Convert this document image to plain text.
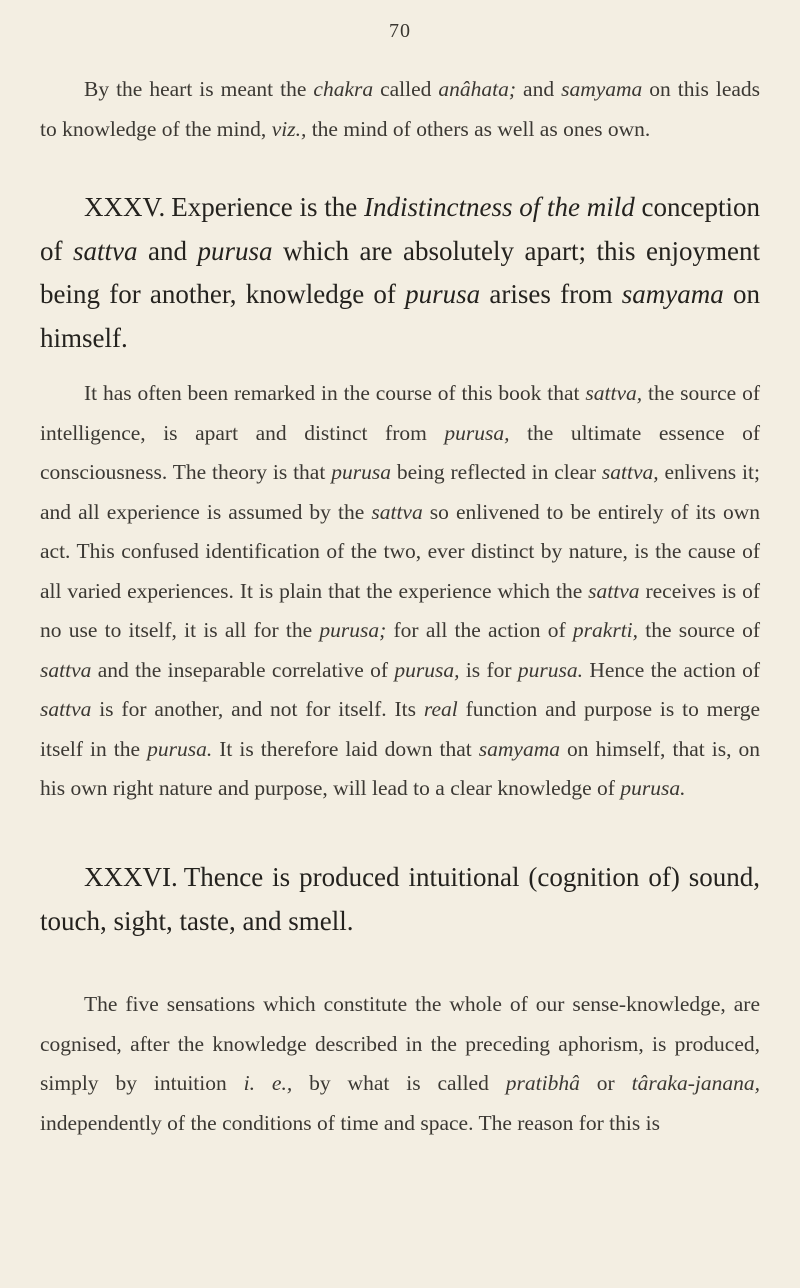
70

By the heart is meant the chakra called anâhata; and samyama on this leads to knowledge of the mind, viz., the mind of others as well as ones own.

XXXV. Experience is the Indistinctness of the mild conception of sattva and purusa which are absolutely apart; this enjoyment being for another, knowledge of purusa arises from samyama on himself.

It has often been remarked in the course of this book that sattva, the source of intelligence, is apart and distinct from purusa, the ultimate essence of consciousness. The theory is that purusa being reflected in clear sattva, enlivens it; and all experience is assumed by the sattva so enlivened to be entirely of its own act. This confused identification of the two, ever distinct by nature, is the cause of all varied experiences. It is plain that the experience which the sattva receives is of no use to itself, it is all for the purusa; for all the action of prakrti, the source of sattva and the inseparable correlative of purusa, is for purusa. Hence the action of sattva is for another, and not for itself. Its real function and purpose is to merge itself in the purusa. It is therefore laid down that samyama on himself, that is, on his own right nature and purpose, will lead to a clear knowledge of purusa.

XXXVI. Thence is produced intuitional (cognition of) sound, touch, sight, taste, and smell.

The five sensations which constitute the whole of our sense-knowledge, are cognised, after the knowledge described in the preceding aphorism, is produced, simply by intuition i. e., by what is called pratibhâ or târaka-janana, independently of the conditions of time and space. The reason for this is
